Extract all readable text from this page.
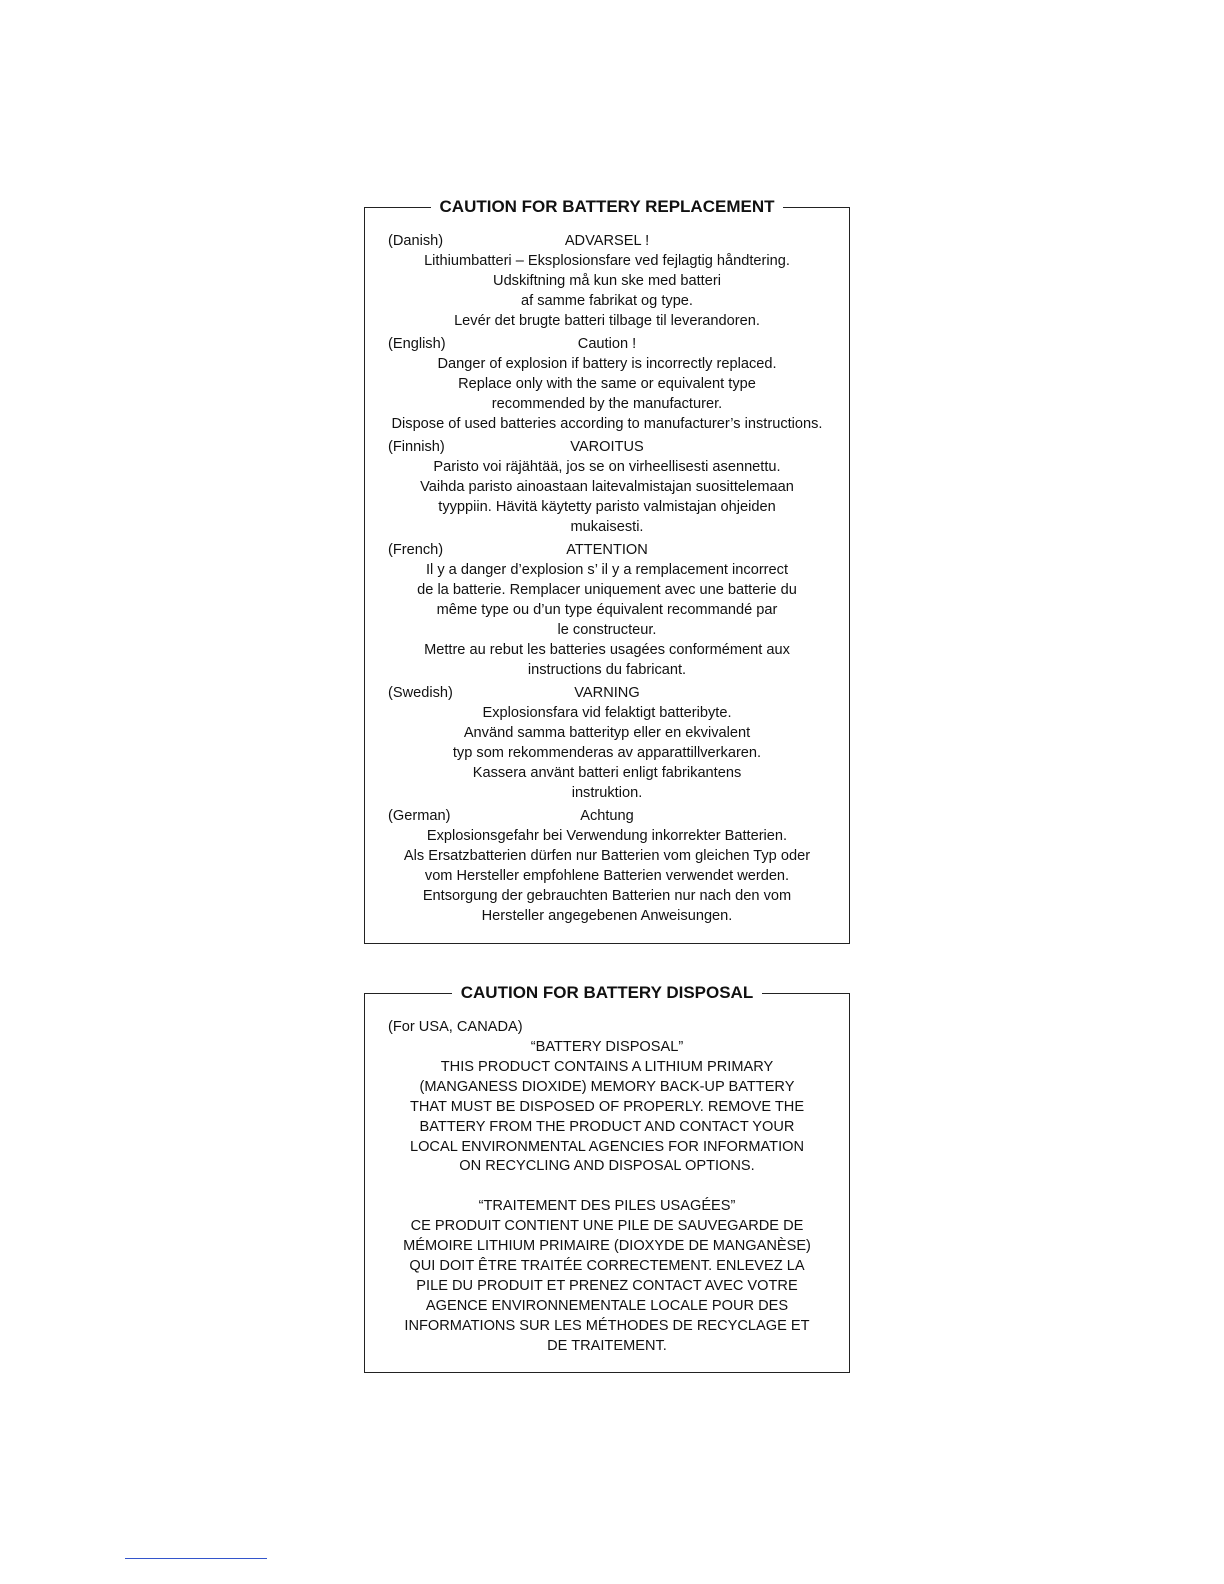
CAUTION FOR BATTERY REPLACEMENT
(Danish)	ADVARSEL !
Lithiumbatteri – Eksplosionsfare ved fejlagtig håndtering.
Udskiftning må kun ske med batteri
af samme fabrikat og type.
Levér det brugte batteri tilbage til leverandoren.
(English)	Caution !
Danger of explosion if battery is incorrectly replaced.
Replace only with the same or equivalent type
recommended by the manufacturer.
Dispose of used batteries according to manufacturer’s instructions.
(Finnish)	VAROITUS
Paristo voi räjähtää, jos se on virheellisesti asennettu.
Vaihda paristo ainoastaan laitevalmistajan suosittelemaan
tyyppiin. Hävitä käytetty paristo valmistajan ohjeiden
mukaisesti.
(French)	ATTENTION
Il y a danger d’explosion s’ il y a remplacement incorrect
de la batterie. Remplacer uniquement avec une batterie du
même type ou d’un type équivalent recommandé par
le constructeur.
Mettre au rebut les batteries usagées conformément aux
instructions du fabricant.
(Swedish)	VARNING
Explosionsfara vid felaktigt batteribyte.
Använd samma batterityp eller en ekvivalent
typ som rekommenderas av apparattillverkaren.
Kassera använt batteri enligt fabrikantens
instruktion.
(German)	Achtung
Explosionsgefahr bei Verwendung inkorrekter Batterien.
Als Ersatzbatterien dürfen nur Batterien vom gleichen Typ oder
vom Hersteller empfohlene Batterien verwendet werden.
Entsorgung der gebrauchten Batterien nur nach den vom
Hersteller angegebenen Anweisungen.
CAUTION FOR BATTERY DISPOSAL
(For USA, CANADA)
“BATTERY DISPOSAL”
THIS PRODUCT CONTAINS A LITHIUM PRIMARY
(MANGANESS DIOXIDE) MEMORY BACK-UP BATTERY
THAT MUST BE DISPOSED OF PROPERLY. REMOVE THE
BATTERY FROM THE PRODUCT AND CONTACT YOUR
LOCAL ENVIRONMENTAL AGENCIES FOR INFORMATION
ON RECYCLING AND DISPOSAL OPTIONS.
“TRAITEMENT DES PILES USAGÉES”
CE PRODUIT CONTIENT UNE PILE DE SAUVEGARDE DE
MÉMOIRE LITHIUM PRIMAIRE (DIOXYDE DE MANGANÈSE)
QUI DOIT ÊTRE TRAITÉE CORRECTEMENT. ENLEVEZ LA
PILE DU PRODUIT ET PRENEZ CONTACT AVEC VOTRE
AGENCE ENVIRONNEMENTALE LOCALE POUR DES
INFORMATIONS SUR LES MÉTHODES DE RECYCLAGE ET
DE TRAITEMENT.
